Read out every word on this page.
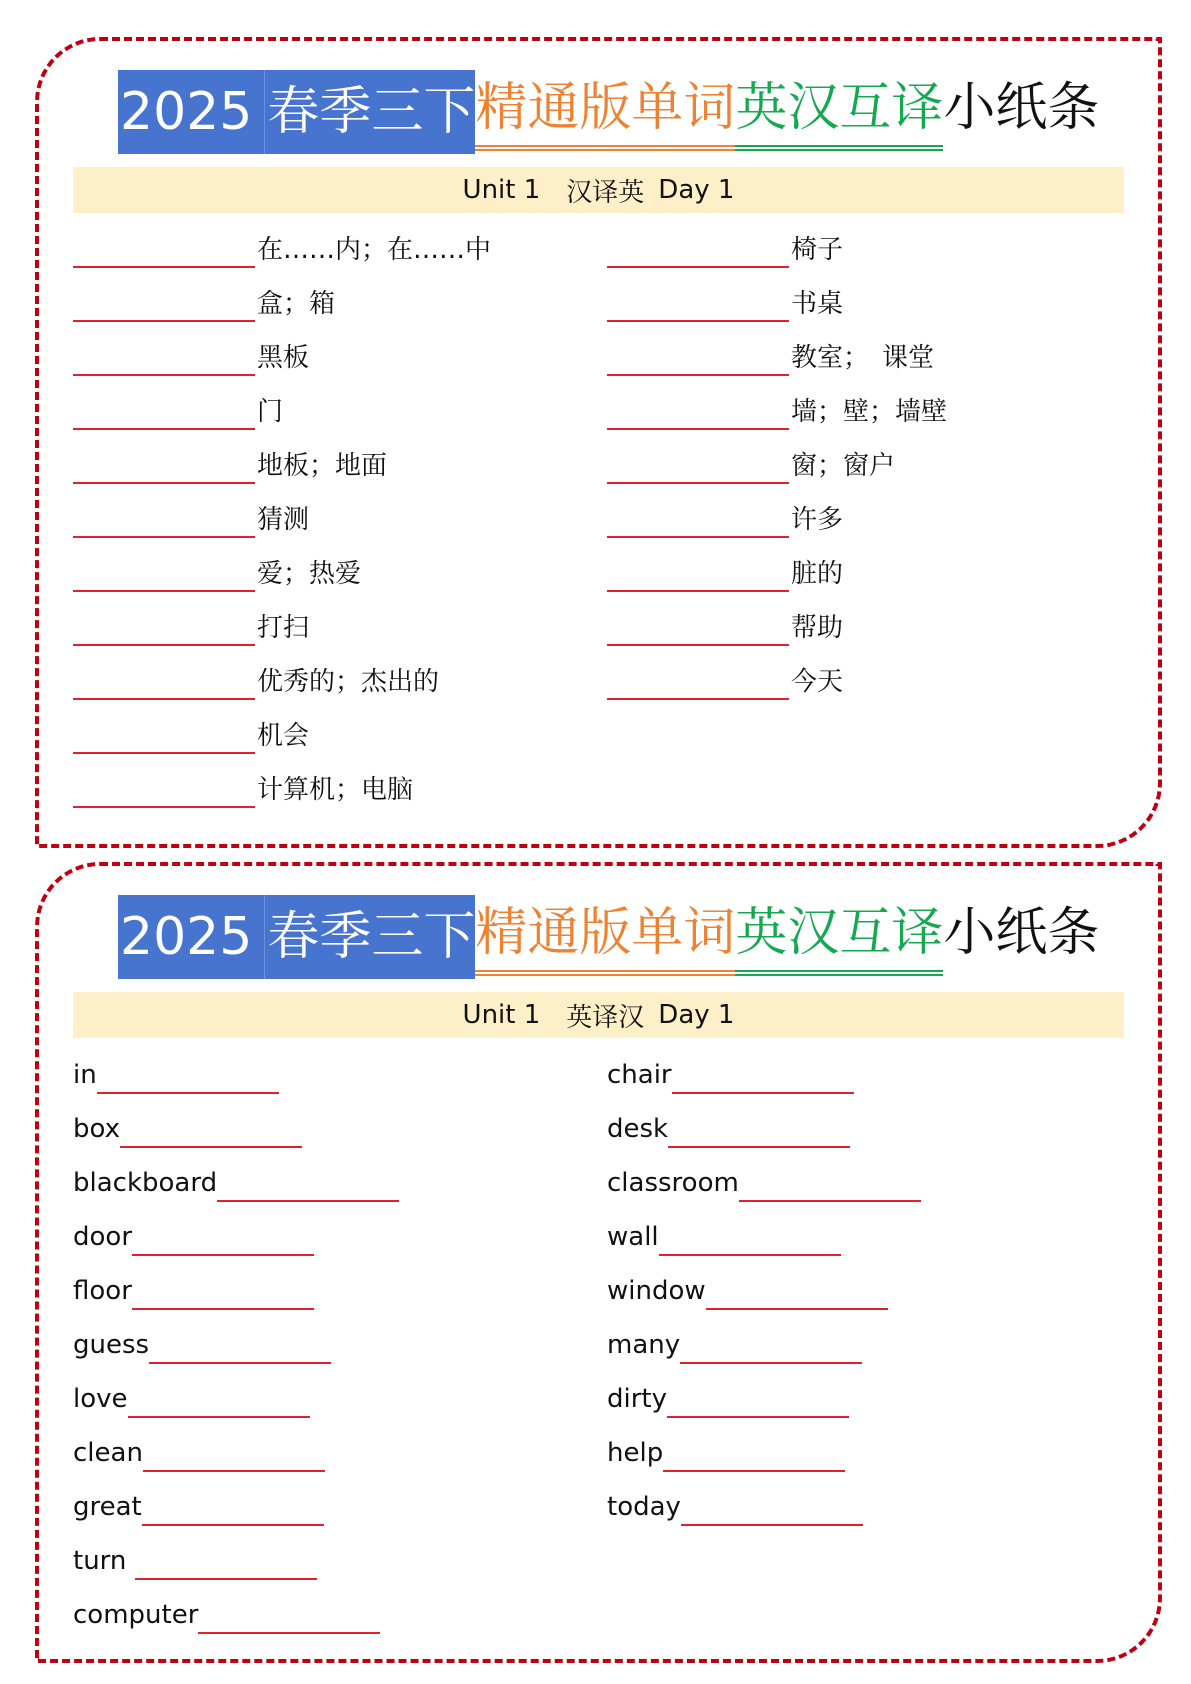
2025 春季三下 精通版单词 英汉互译 小纸条
Unit 1 汉译英 Day 1
在……内；在……中
盒；箱
黑板
门
地板；地面
猜测
爱；热爱
打扫
优秀的；杰出的
机会
计算机；电脑
椅子
书桌
教室；　课堂
墙；壁；墙壁
窗；窗户
许多
脏的
帮助
今天
2025 春季三下 精通版单词 英汉互译 小纸条
Unit 1 英译汉 Day 1
in
box
blackboard
door
floor
guess
love
clean
great
turn
computer
chair
desk
classroom
wall
window
many
dirty
help
today
